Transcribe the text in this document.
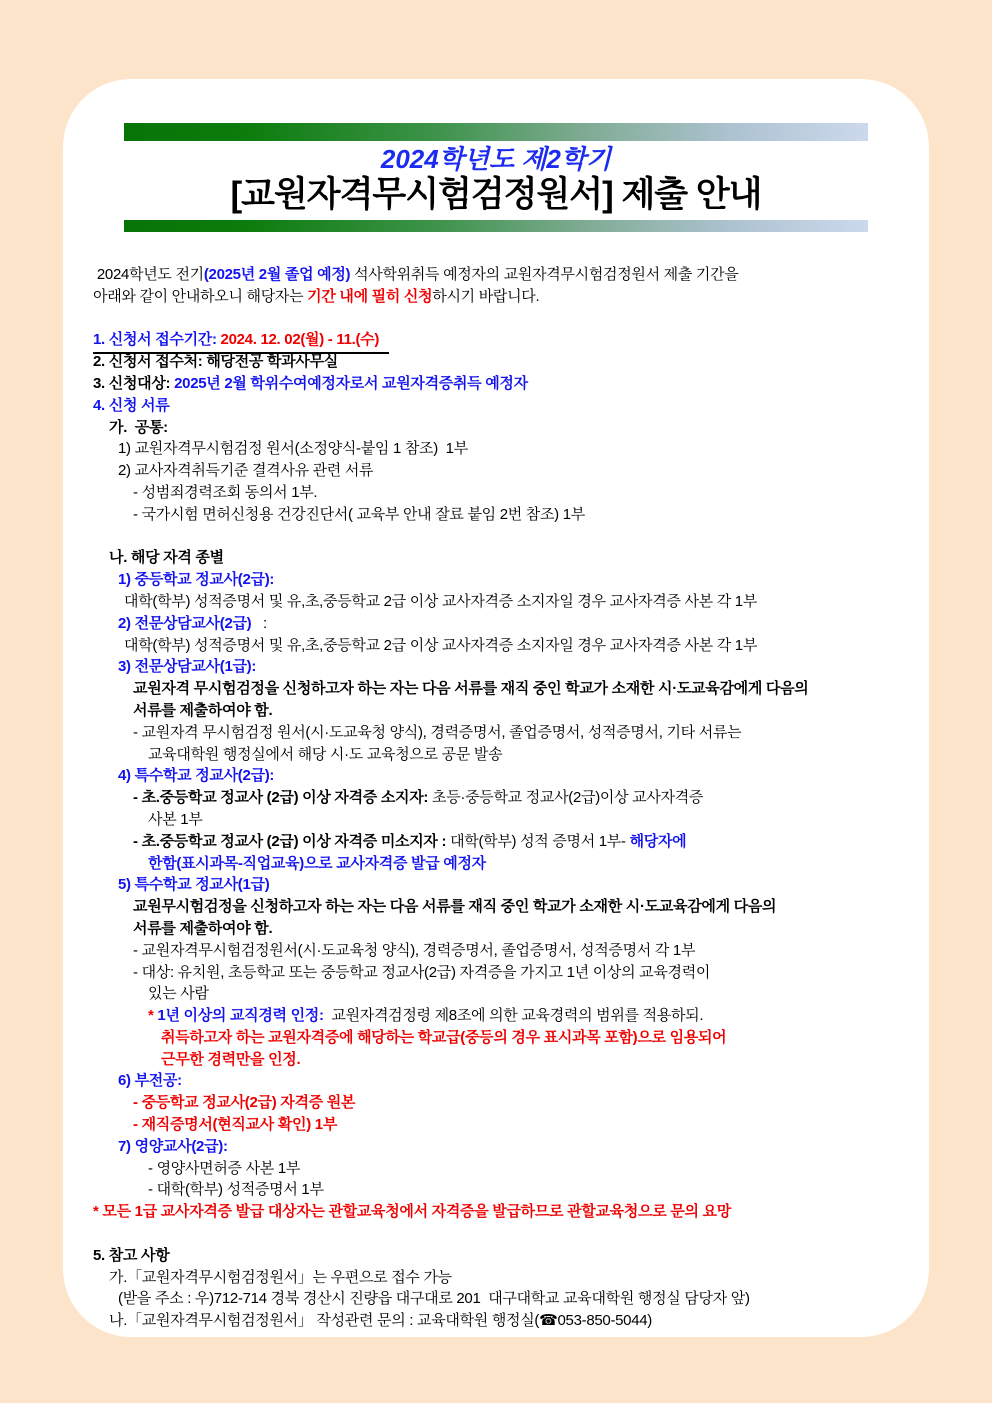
2024학년도 제2학기
[교원자격무시험검정원서] 제출 안내
2024학년도 전기(2025년 2월 졸업 예정) 석사학위취득 예정자의 교원자격무시험검정원서 제출 기간을
아래와 같이 안내하오니 해당자는 기간 내에 필히 신청하시기 바랍니다.
1. 신청서 접수기간: 2024. 12. 02(월) - 11.(수)
2. 신청서 접수처: 해당전공 학과사무실
3. 신청대상: 2025년 2월 학위수여예정자로서 교원자격증취득 예정자
4. 신청 서류
가.  공통:
1) 교원자격무시험검정 원서(소정양식-붙임 1 참조)  1부
2) 교사자격취득기준 결격사유 관련 서류
- 성범죄경력조회 동의서 1부.
- 국가시험 면허신청용 건강진단서( 교육부 안내 잘료 붙임 2번 참조) 1부
나. 해당 자격 종별
1) 중등학교 정교사(2급):
대학(학부) 성적증명서 및 유,초,중등학교 2급 이상 교사자격증 소지자일 경우 교사자격증 사본 각 1부
2) 전문상담교사(2급)   :
대학(학부) 성적증명서 및 유,초,중등학교 2급 이상 교사자격증 소지자일 경우 교사자격증 사본 각 1부
3) 전문상담교사(1급):
교원자격 무시험검정을 신청하고자 하는 자는 다음 서류를 재직 중인 학교가 소재한 시·도교육감에게 다음의
서류를 제출하여야 함.
- 교원자격 무시험검정 원서(시·도교육청 양식), 경력증명서, 졸업증명서, 성적증명서, 기타 서류는
교육대학원 행정실에서 해당 시·도 교육청으로 공문 발송
4) 특수학교 정교사(2급):
- 초.중등학교 정교사 (2급) 이상 자격증 소지자: 초등·중등학교 정교사(2급)이상 교사자격증
사본 1부
- 초.중등학교 정교사 (2급) 이상 자격증 미소지자 : 대학(학부) 성적 증명서 1부- 해당자에
한함(표시과목-직업교육)으로 교사자격증 발급 예정자
5) 특수학교 정교사(1급)
교원무시험검정을 신청하고자 하는 자는 다음 서류를 재직 중인 학교가 소재한 시·도교육감에게 다음의
서류를 제출하여야 함.
- 교원자격무시험검정원서(시·도교육청 양식), 경력증명서, 졸업증명서, 성적증명서 각 1부
- 대상: 유치원, 초등학교 또는 중등학교 정교사(2급) 자격증을 가지고 1년 이상의 교육경력이
있는 사람
* 1년 이상의 교직경력 인정:  교원자격검정령 제8조에 의한 교육경력의 범위를 적용하되.
취득하고자 하는 교원자격증에 해당하는 학교급(중등의 경우 표시과목 포함)으로 임용되어
근무한 경력만을 인정.
6) 부전공:
- 중등학교 정교사(2급) 자격증 원본
- 재직증명서(현직교사 확인) 1부
7) 영양교사(2급):
- 영양사면허증 사본 1부
- 대학(학부) 성적증명서 1부
* 모든 1급 교사자격증 발급 대상자는 관할교육청에서 자격증을 발급하므로 관할교육청으로 문의 요망
5. 참고 사항
가.「교원자격무시험검정원서」는 우편으로 접수 가능
(받을 주소 : 우)712-714 경북 경산시 진량읍 대구대로 201  대구대학교 교육대학원 행정실 담당자 앞)
나.「교원자격무시험검정원서」 작성관련 문의 : 교육대학원 행정실(☎053-850-5044)
